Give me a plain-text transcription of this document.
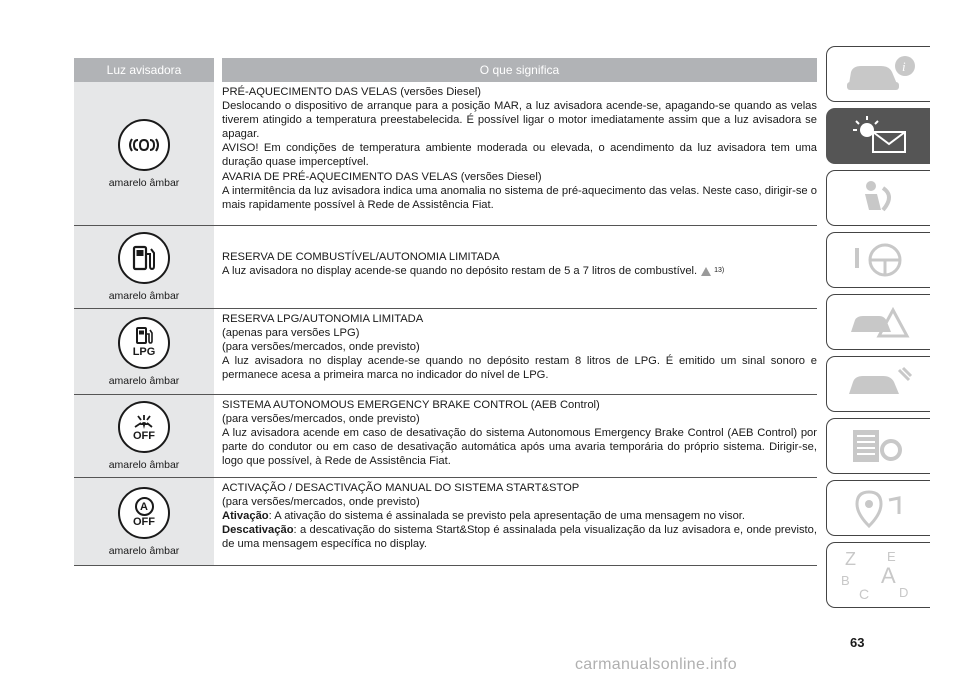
Luz avisadora	O que significa
amarelo âmbar

PRÉ-AQUECIMENTO DAS VELAS (versões Diesel)

Deslocando o dispositivo de arranque para a posição MAR, a luz avisadora acende-se, apagando-se quando as velas tiverem atingido a temperatura preestabelecida. É possível ligar o motor imediatamente assim que a luz avisadora se apagar.

AVISO! Em condições de temperatura ambiente moderada ou elevada, o acendimento da luz avisadora tem uma duração quase imperceptível.

AVARIA DE PRÉ-AQUECIMENTO DAS VELAS (versões Diesel)

A intermitência da luz avisadora indica uma anomalia no sistema de pré-aquecimento das velas. Neste caso, dirigir-se o mais rapidamente possível à Rede de Assistência Fiat.

amarelo âmbar

RESERVA DE COMBUSTÍVEL/AUTONOMIA LIMITADA

A luz avisadora no display acende-se quando no depósito restam de 5 a 7 litros de combustível. 13)

LPG
amarelo âmbar

RESERVA LPG/AUTONOMIA LIMITADA

(apenas para versões LPG)

(para versões/mercados, onde previsto)

A luz avisadora no display acende-se quando no depósito restam 8 litros de LPG. É emitido um sinal sonoro e permanece acesa a primeira marca no indicador do nível de LPG.

OFF
amarelo âmbar

SISTEMA AUTONOMOUS EMERGENCY BRAKE CONTROL (AEB Control)

(para versões/mercados, onde previsto)

A luz avisadora acende em caso de desativação do sistema Autonomous Emergency Brake Control (AEB Control) por parte do condutor ou em caso de desativação automática após uma avaria temporária do próprio sistema. Dirigir-se, logo que possível, à Rede de Assistência Fiat.

A
OFF
amarelo âmbar

ACTIVAÇÃO / DESACTIVAÇÃO MANUAL DO SISTEMA START&STOP

(para versões/mercados, onde previsto)

Ativação: A ativação do sistema é assinalada se previsto pela apresentação de uma mensagem no visor.

Descativação: a descativação do sistema Start&Stop é assinalada pela visualização da luz avisadora e, onde previsto, de uma mensagem específica no display.

i
Z E
A
B
C D
63
carmanualsonline.info
